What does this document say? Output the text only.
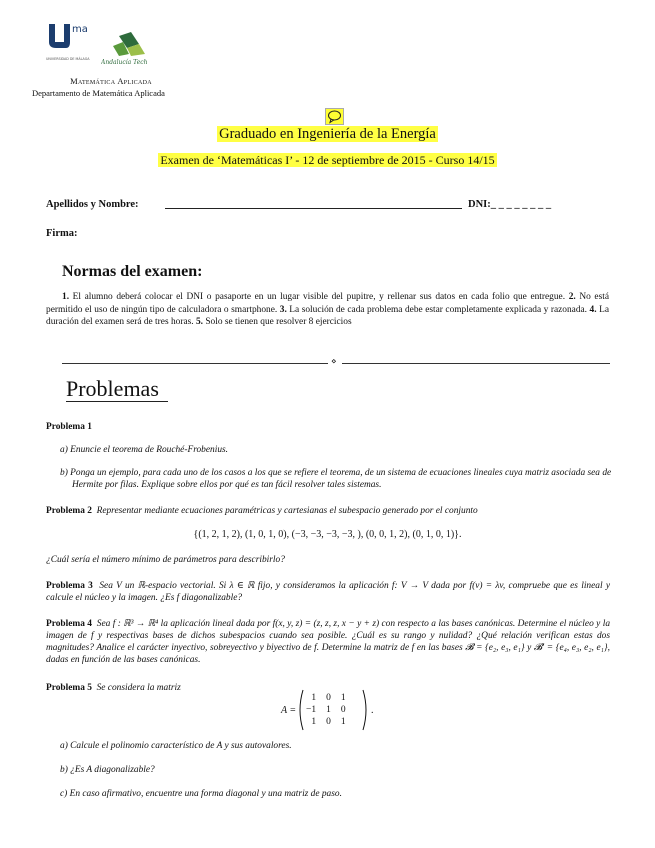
ma
UNIVERSIDAD DE MÁLAGA Andalucía Tech
Matemática Aplicada
Departamento de Matemática Aplicada
Graduado en Ingeniería de la Energía
Examen de ‘Matemáticas I’ - 12 de septiembre de 2015 - Curso 14/15
Apellidos y Nombre:	DNI:_ _ _ _ _ _ _ _
Firma:
Normas del examen:
1. El alumno deberá colocar el DNI o pasaporte en un lugar visible del pupitre, y rellenar sus datos en cada folio que entregue. 2. No está permitido el uso de ningún tipo de calculadora o smartphone. 3. La solución de cada problema debe estar completamente explicada y razonada. 4. La duración del examen será de tres horas. 5. Solo se tienen que resolver 8 ejercicios
⋄
Problemas
Problema 1
a) Enuncie el teorema de Rouché-Frobenius.
b) Ponga un ejemplo, para cada uno de los casos a los que se refiere el teorema, de un sistema de ecuaciones lineales cuya matriz asociada sea de Hermite por filas. Explique sobre ellos por qué es tan fácil resolver tales sistemas.
Problema 2 Representar mediante ecuaciones paramétricas y cartesianas el subespacio generado por el conjunto
{(1, 2, 1, 2), (1, 0, 1, 0), (−3, −3, −3, −3, ), (0, 0, 1, 2), (0, 1, 0, 1)}.
¿Cuál sería el número mínimo de parámetros para describirlo?
Problema 3 Sea V un ℝ-espacio vectorial. Si λ ∈ ℝ fijo, y consideramos la aplicación f: V → V dada por f(v) = λv, compruebe que es lineal y calcule el núcleo y la imagen. ¿Es f diagonalizable?
Problema 4 Sea f : ℝ³ → ℝ⁴ la aplicación lineal dada por f(x, y, z) = (z, z, z, x − y + z) con respecto a las bases canónicas. Determine el núcleo y la imagen de f y respectivas bases de dichos subespacios cuando sea posible. ¿Cuál es su rango y nulidad? ¿Qué relación verifican estas dos magnitudes? Analice el carácter inyectivo, sobreyectivo y biyectivo de f. Determine la matriz de f en las bases 𝓑 = {e₂, e₃, e₁} y 𝓑′ = {e₄, e₃, e₂, e₁}, dadas en función de las bases canónicas.
Problema 5 Se considera la matriz
A =
1	0	1
−1	1	0
1	0	1
.
a) Calcule el polinomio característico de A y sus autovalores.
b) ¿Es A diagonalizable?
c) En caso afirmativo, encuentre una forma diagonal y una matriz de paso.
